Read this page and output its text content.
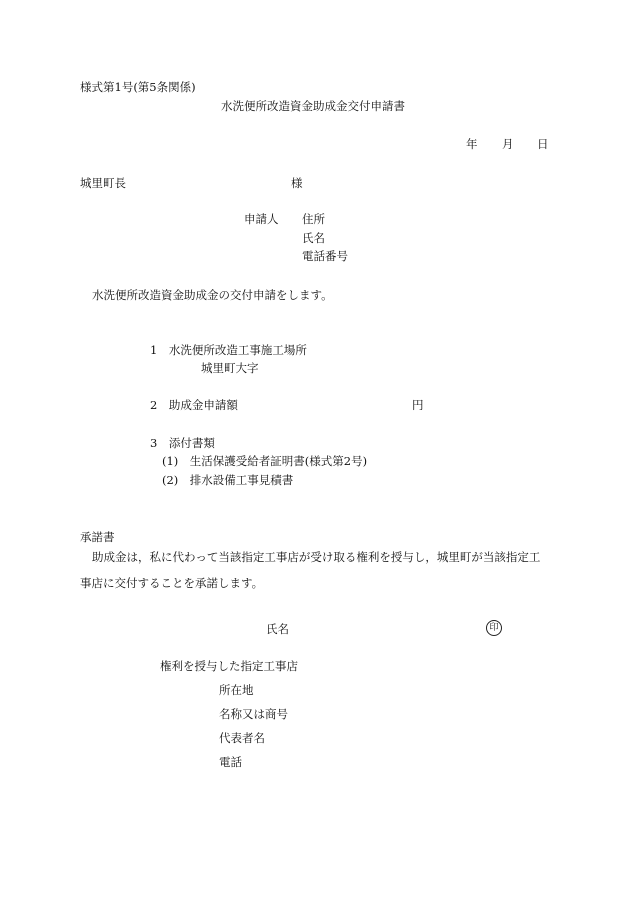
様式第1号(第5条関係)
水洗便所改造資金助成金交付申請書
年 月 日
城里町長	様
申請人 住所
氏名
電話番号
水洗便所改造資金助成金の交付申請をします。
1　水洗便所改造工事施工場所
城里町大字
2　助成金申請額	円
3　添付書類
(1)　生活保護受給者証明書(様式第2号)
(2)　排水設備工事見積書
承諾書
助成金は，私に代わって当該指定工事店が受け取る権利を授与し，城里町が当該指定工
事店に交付することを承諾します。
氏名	印
権利を授与した指定工事店
所在地
名称又は商号
代表者名
電話
